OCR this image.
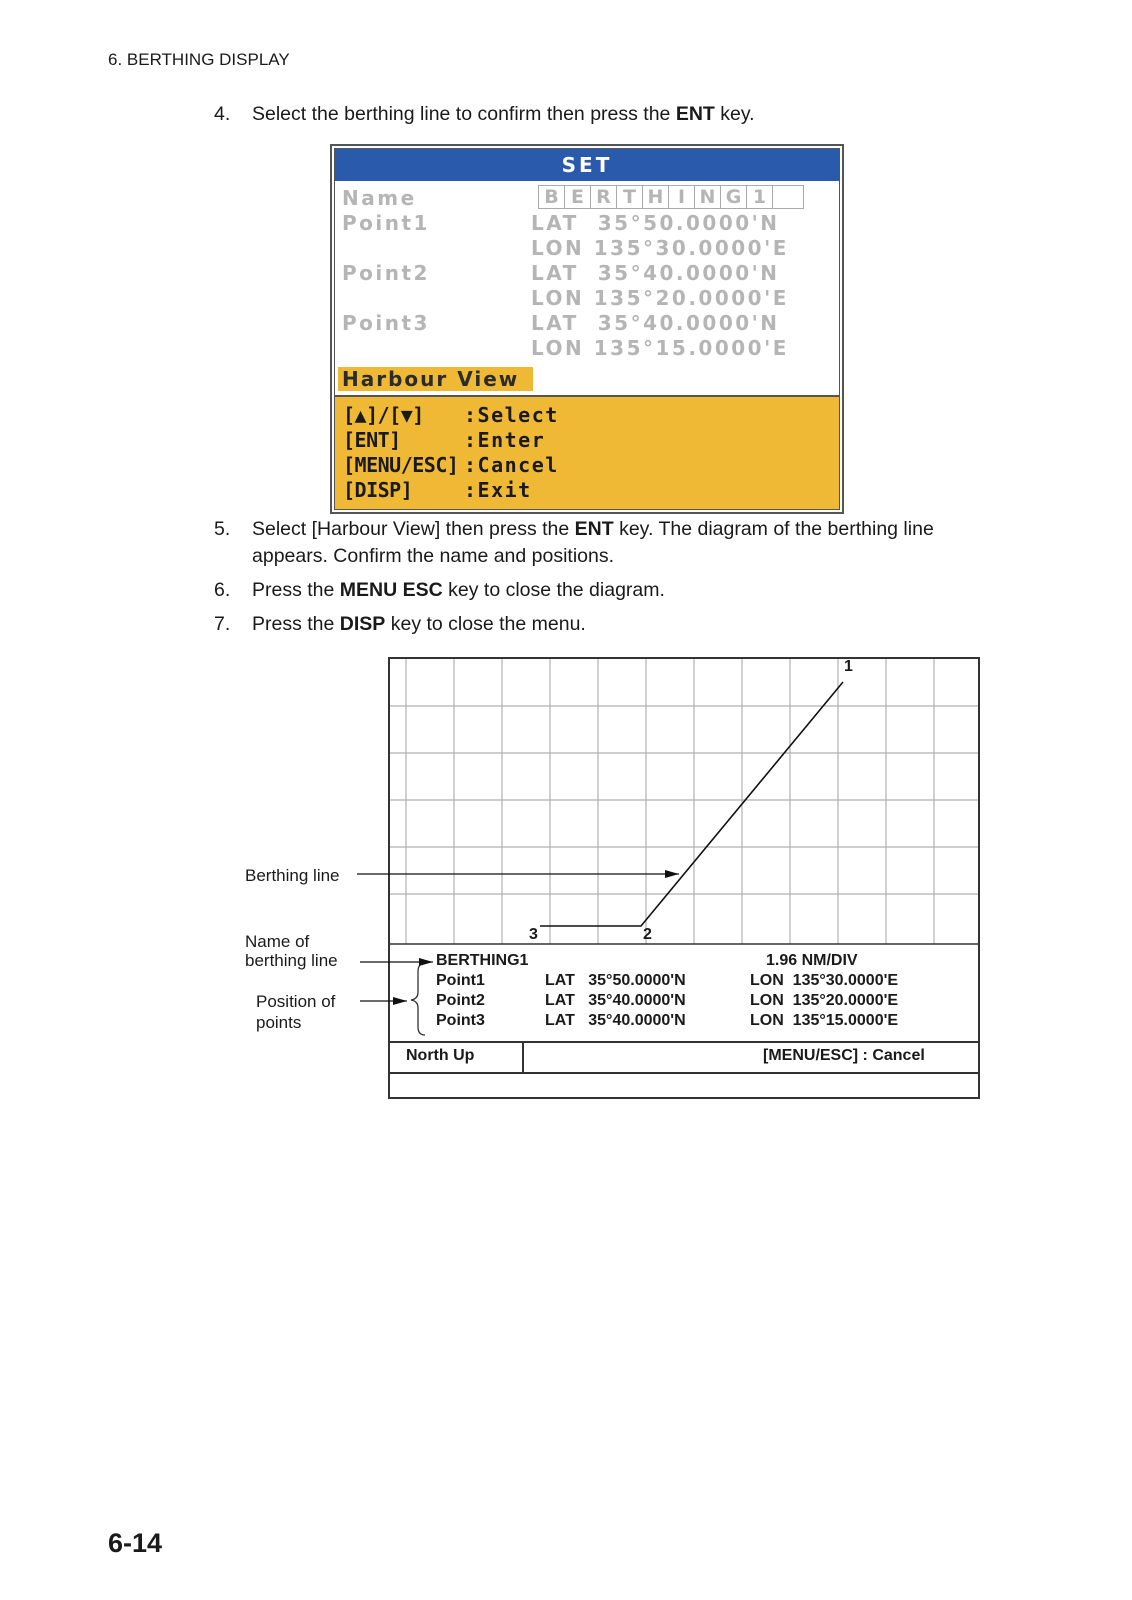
6. BERTHING DISPLAY
4. Select the berthing line to confirm then press the ENT key.
SET
Name	B E R T H I N G 1
Point1	LAT  35°50.0000'N
LON 135°30.0000'E
Point2	LAT  35°40.0000'N
LON 135°20.0000'E
Point3	LAT  35°40.0000'N
LON 135°15.0000'E
Harbour View
[▲]/[▼] :Select
[ENT]	:Enter
[MENU/ESC] :Cancel
[DISP]	:Exit
5. Select [Harbour View] then press the ENT key. The diagram of the berthing line appears. Confirm the name and positions.
6. Press the MENU ESC key to close the diagram.
7. Press the DISP key to close the menu.
1
2
3
BERTHING1	1.96 NM/DIV
Point1	LAT   35°50.0000'N	LON  135°30.0000'E
Point2	LAT   35°40.0000'N	LON  135°20.0000'E
Point3	LAT   35°40.0000'N	LON  135°15.0000'E
North Up	[MENU/ESC] : Cancel
Berthing line
Name of
berthing line
Position of
points
6-14
